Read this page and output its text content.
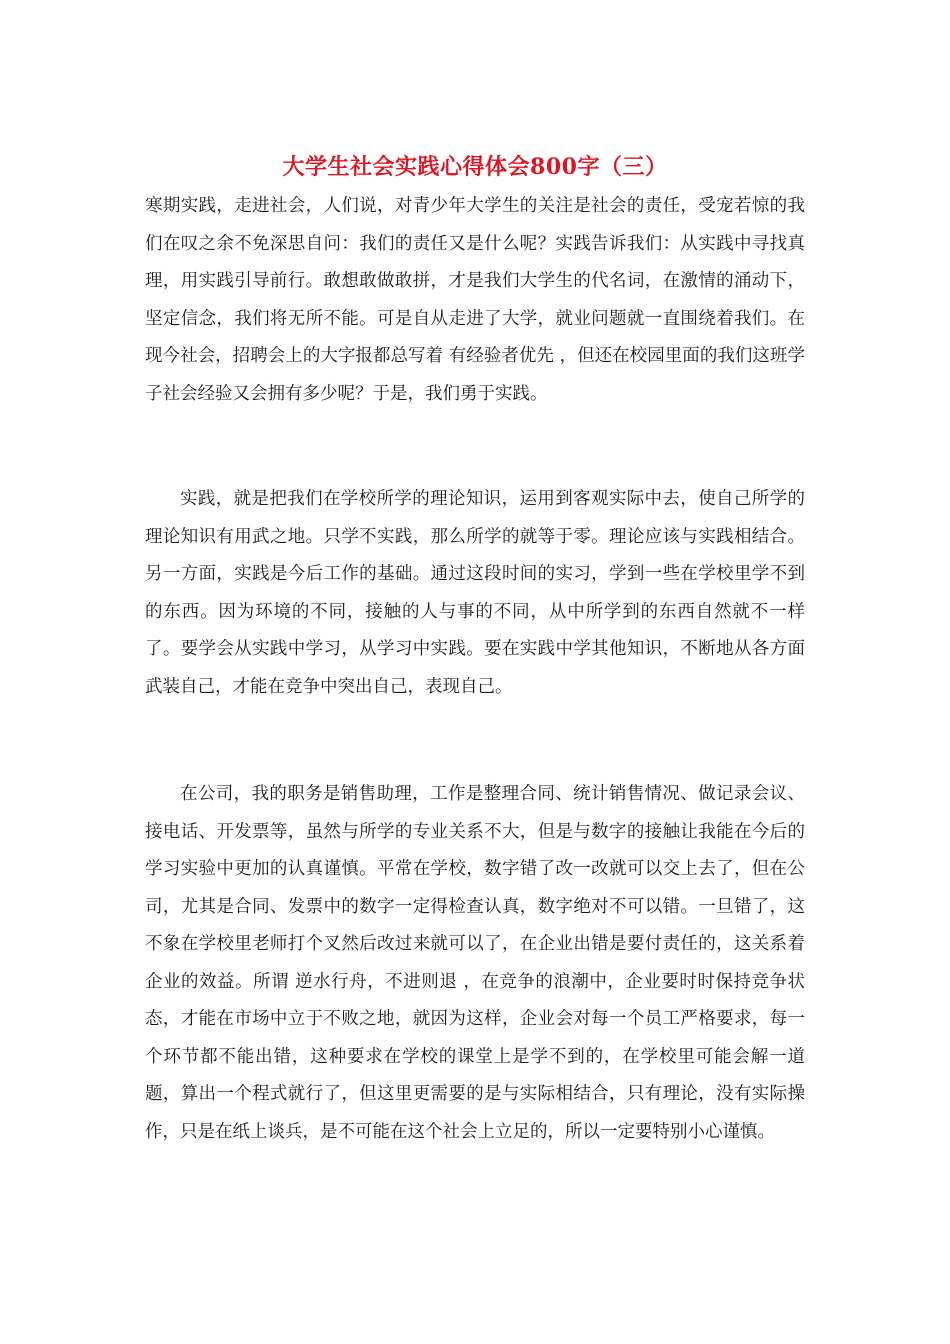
大学生社会实践心得体会800字（三）

寒期实践，走进社会，人们说，对青少年大学生的关注是社会的责任，受宠若惊的我们在叹之余不免深思自问：我们的责任又是什么呢？实践告诉我们：从实践中寻找真理，用实践引导前行。敢想敢做敢拼，才是我们大学生的代名词，在激情的涌动下，坚定信念，我们将无所不能。可是自从走进了大学，就业问题就一直围绕着我们。在现今社会，招聘会上的大字报都总写着 有经验者优先 ，但还在校园里面的我们这班学子社会经验又会拥有多少呢？于是，我们勇于实践。

实践，就是把我们在学校所学的理论知识，运用到客观实际中去，使自己所学的理论知识有用武之地。只学不实践，那么所学的就等于零。理论应该与实践相结合。另一方面，实践是今后工作的基础。通过这段时间的实习，学到一些在学校里学不到的东西。因为环境的不同，接触的人与事的不同，从中所学到的东西自然就不一样了。要学会从实践中学习，从学习中实践。要在实践中学其他知识，不断地从各方面武装自己，才能在竞争中突出自己，表现自己。

在公司，我的职务是销售助理，工作是整理合同、统计销售情况、做记录会议、接电话、开发票等，虽然与所学的专业关系不大，但是与数字的接触让我能在今后的学习实验中更加的认真谨慎。平常在学校，数字错了改一改就可以交上去了，但在公司，尤其是合同、发票中的数字一定得检查认真，数字绝对不可以错。一旦错了，这不象在学校里老师打个叉然后改过来就可以了，在企业出错是要付责任的，这关系着企业的效益。所谓 逆水行舟，不进则退 ，在竞争的浪潮中，企业要时时保持竞争状态，才能在市场中立于不败之地，就因为这样，企业会对每一个员工严格要求，每一个环节都不能出错，这种要求在学校的课堂上是学不到的，在学校里可能会解一道题，算出一个程式就行了，但这里更需要的是与实际相结合，只有理论，没有实际操作，只是在纸上谈兵，是不可能在这个社会上立足的，所以一定要特别小心谨慎。
